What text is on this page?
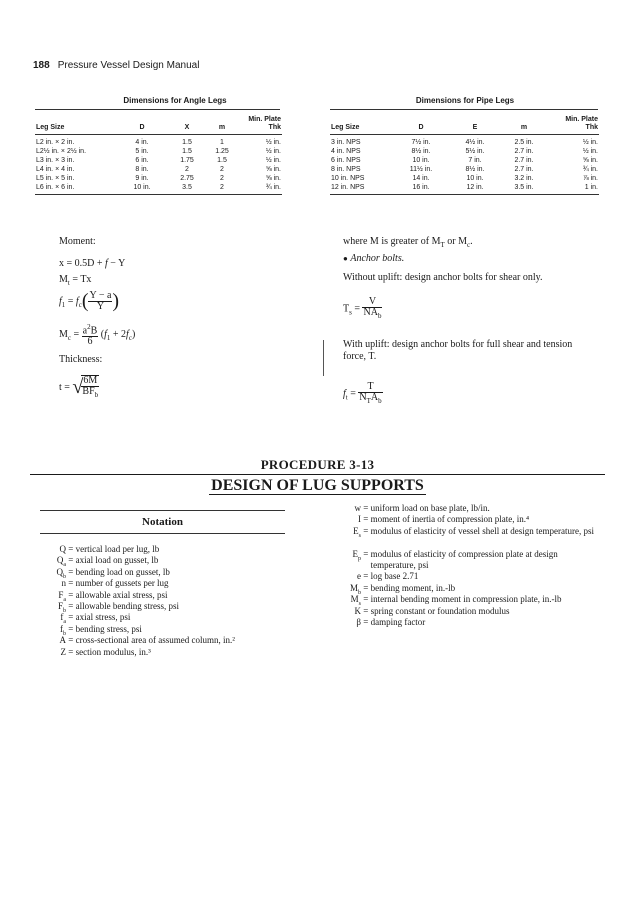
188 Pressure Vessel Design Manual
Dimensions for Angle Legs
Leg Size	D	X	m	Min. Plate
Thk

L2 in. × 2 in.	4 in.	1.5	1	½ in.
L2½ in. × 2½ in.	5 in.	1.5	1.25	½ in.
L3 in. × 3 in.	6 in.	1.75	1.5	½ in.
L4 in. × 4 in.	8 in.	2	2	⅝ in.
L5 in. × 5 in.	9 in.	2.75	2	⅝ in.
L6 in. × 6 in.	10 in.	3.5	2	¾ in.
Dimensions for Pipe Legs
Leg Size	D	E	m	Min. Plate
Thk

3 in. NPS	7½ in.	4½ in.	2.5 in.	½ in.
4 in. NPS	8½ in.	5½ in.	2.7 in.	½ in.
6 in. NPS	10 in.	7 in.	2.7 in.	⅝ in.
8 in. NPS	11½ in.	8½ in.	2.7 in.	¾ in.
10 in. NPS	14 in.	10 in.	3.2 in.	⅞ in.
12 in. NPS	16 in.	12 in.	3.5 in.	1 in.
Moment:
x = 0.5D + f − Y
$M_t = Tx$
$f_1 = f_c( \frac{Y - a}{Y}$ )
$M_c = \frac{a^2B}{6} (f_1 + 2f_c)$
Thickness:
t = √
$\frac{6M}{BF_b}$
where M is greater of $M_T$ or $M_c$.
● Anchor bolts.
Without uplift: design anchor bolts for shear only.
$T_s = \frac{V}{NA_b}$
With uplift: design anchor bolts for full shear and tension force, T.
$f_t = \frac{T}{N_TA_b}$
PROCEDURE 3-13
DESIGN OF LUG SUPPORTS
Notation
Q = vertical load per lug, lb
$Q_a$ = axial load on gusset, lb
$Q_b$ = bending load on gusset, lb
n = number of gussets per lug
$F_a$ = allowable axial stress, psi
$F_b$ = allowable bending stress, psi
$f_a$ = axial stress, psi
$f_b$ = bending stress, psi
A = cross-sectional area of assumed column, in.²
Z = section modulus, in.³
w = uniform load on base plate, lb/in.
I = moment of inertia of compression plate, in.⁴
$E_s$ = modulus of elasticity of vessel shell at design temperature, psi
$E_p$ = modulus of elasticity of compression plate at design temperature, psi
e = log base 2.71
$M_b$ = bending moment, in.-lb
$M_s$ = internal bending moment in compression plate, in.-lb
K = spring constant or foundation modulus
β = damping factor
